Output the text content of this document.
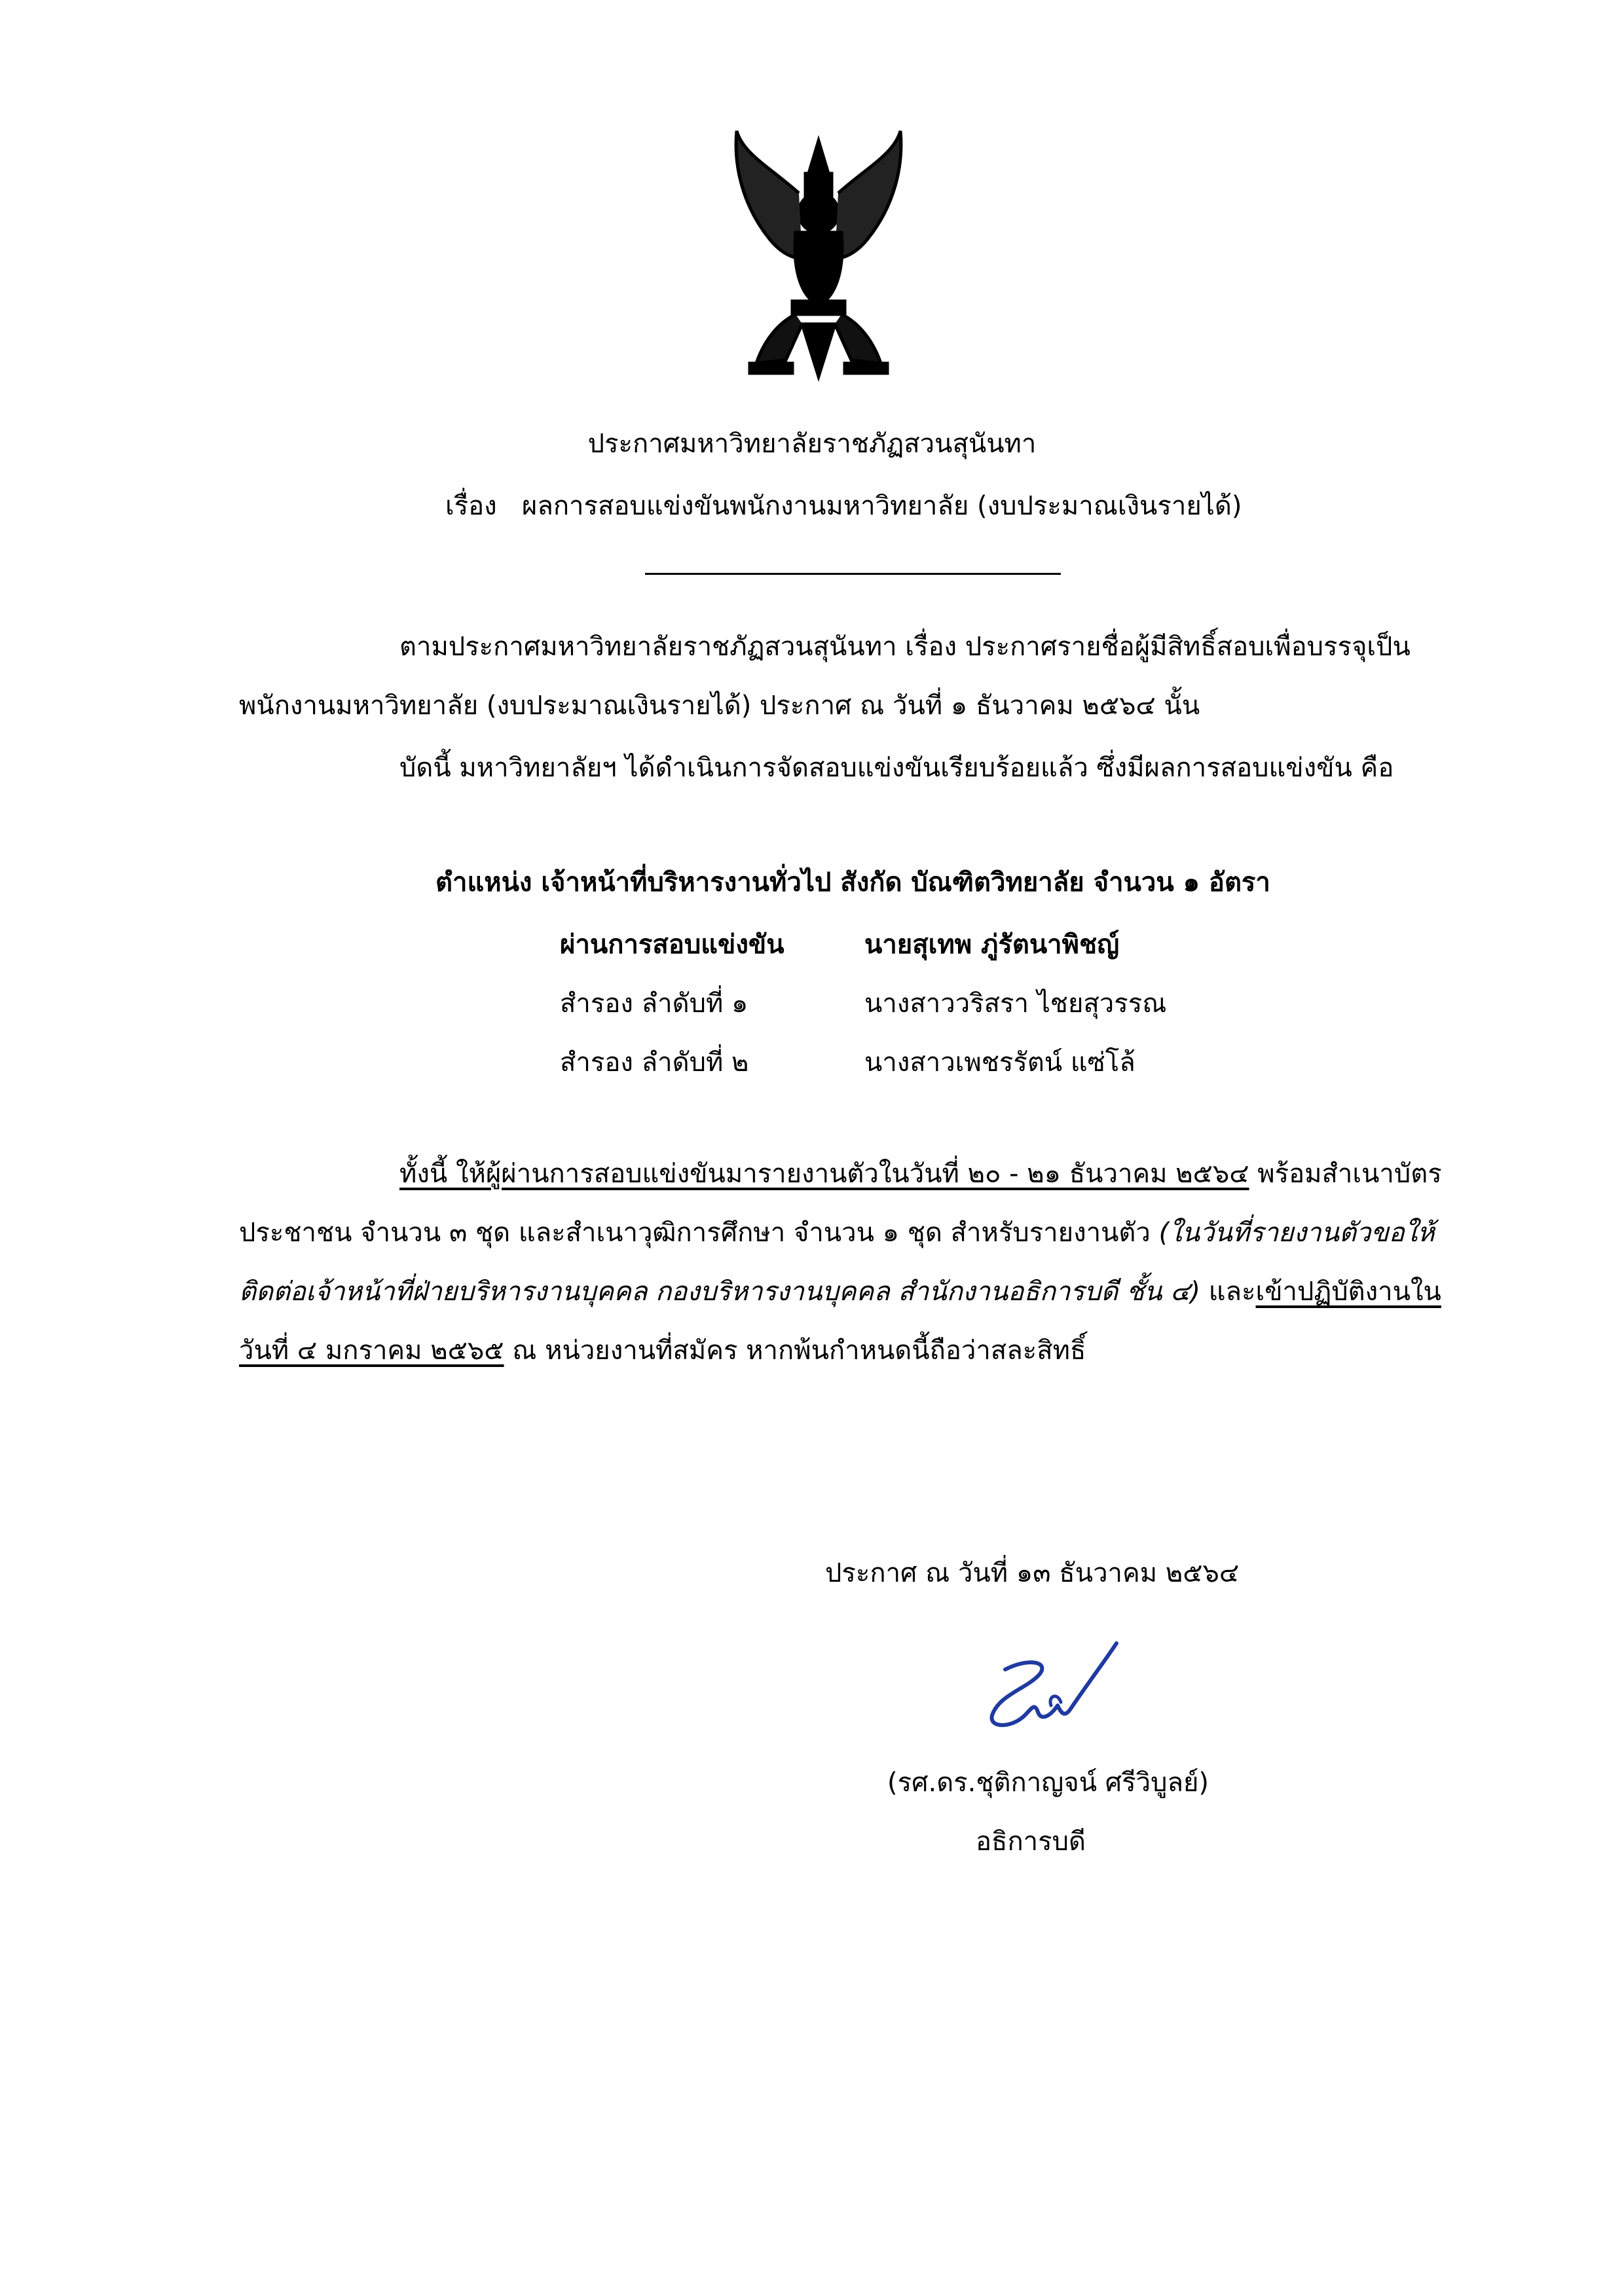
ประกาศมหาวิทยาลัยราชภัฏสวนสุนันทา
เรื่อง ผลการสอบแข่งขันพนักงานมหาวิทยาลัย (งบประมาณเงินรายได้)
ตามประกาศมหาวิทยาลัยราชภัฏสวนสุนันทา เรื่อง ประกาศรายชื่อผู้มีสิทธิ์สอบเพื่อบรรจุเป็น
พนักงานมหาวิทยาลัย (งบประมาณเงินรายได้) ประกาศ ณ วันที่ ๑ ธันวาคม ๒๕๖๔ นั้น
บัดนี้ มหาวิทยาลัยฯ ได้ดำเนินการจัดสอบแข่งขันเรียบร้อยแล้ว ซึ่งมีผลการสอบแข่งขัน คือ
ตำแหน่ง เจ้าหน้าที่บริหารงานทั่วไป สังกัด บัณฑิตวิทยาลัย จำนวน ๑ อัตรา
ผ่านการสอบแข่งขัน	นายสุเทพ ภู่รัตนาพิชญ์
สำรอง ลำดับที่ ๑	นางสาววริสรา ไชยสุวรรณ
สำรอง ลำดับที่ ๒	นางสาวเพชรรัตน์ แซ่โล้
ทั้งนี้ ให้ผู้ผ่านการสอบแข่งขันมารายงานตัวในวันที่ ๒๐ - ๒๑ ธันวาคม ๒๕๖๔ พร้อมสำเนาบัตร
ประชาชน จำนวน ๓ ชุด และสำเนาวุฒิการศึกษา จำนวน ๑ ชุด สำหรับรายงานตัว (ในวันที่รายงานตัวขอให้
ติดต่อเจ้าหน้าที่ฝ่ายบริหารงานบุคคล กองบริหารงานบุคคล สำนักงานอธิการบดี ชั้น ๔) และเข้าปฏิบัติงานใน
วันที่ ๔ มกราคม ๒๕๖๕ ณ หน่วยงานที่สมัคร หากพ้นกำหนดนี้ถือว่าสละสิทธิ์
ประกาศ ณ วันที่ ๑๓ ธันวาคม ๒๕๖๔
(รศ.ดร.ชุติกาญจน์ ศรีวิบูลย์)
อธิการบดี
